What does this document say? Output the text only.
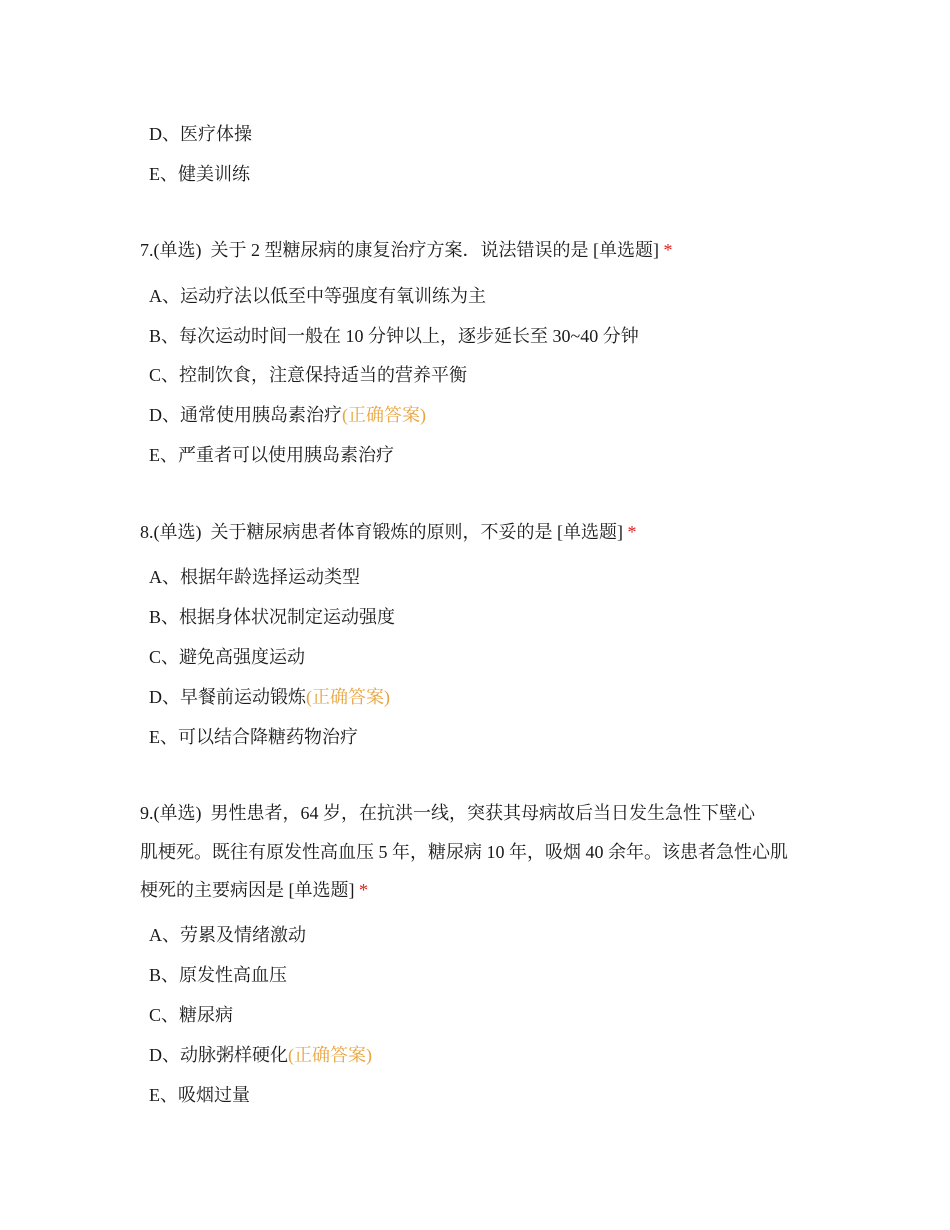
D、医疗体操
E、健美训练
7.(单选) 关于 2 型糖尿病的康复治疗方案．说法错误的是 [单选题] *
A、运动疗法以低至中等强度有氧训练为主
B、每次运动时间一般在 10 分钟以上，逐步延长至 30~40 分钟
C、控制饮食，注意保持适当的营养平衡
D、通常使用胰岛素治疗(正确答案)
E、严重者可以使用胰岛素治疗
8.(单选) 关于糖尿病患者体育锻炼的原则，不妥的是 [单选题] *
A、根据年龄选择运动类型
B、根据身体状况制定运动强度
C、避免高强度运动
D、早餐前运动锻炼(正确答案)
E、可以结合降糖药物治疗
9.(单选) 男性患者，64 岁，在抗洪一线，突获其母病故后当日发生急性下壁心
肌梗死。既往有原发性高血压 5 年，糖尿病 10 年，吸烟 40 余年。该患者急性心肌
梗死的主要病因是 [单选题] *
A、劳累及情绪激动
B、原发性高血压
C、糖尿病
D、动脉粥样硬化(正确答案)
E、吸烟过量
